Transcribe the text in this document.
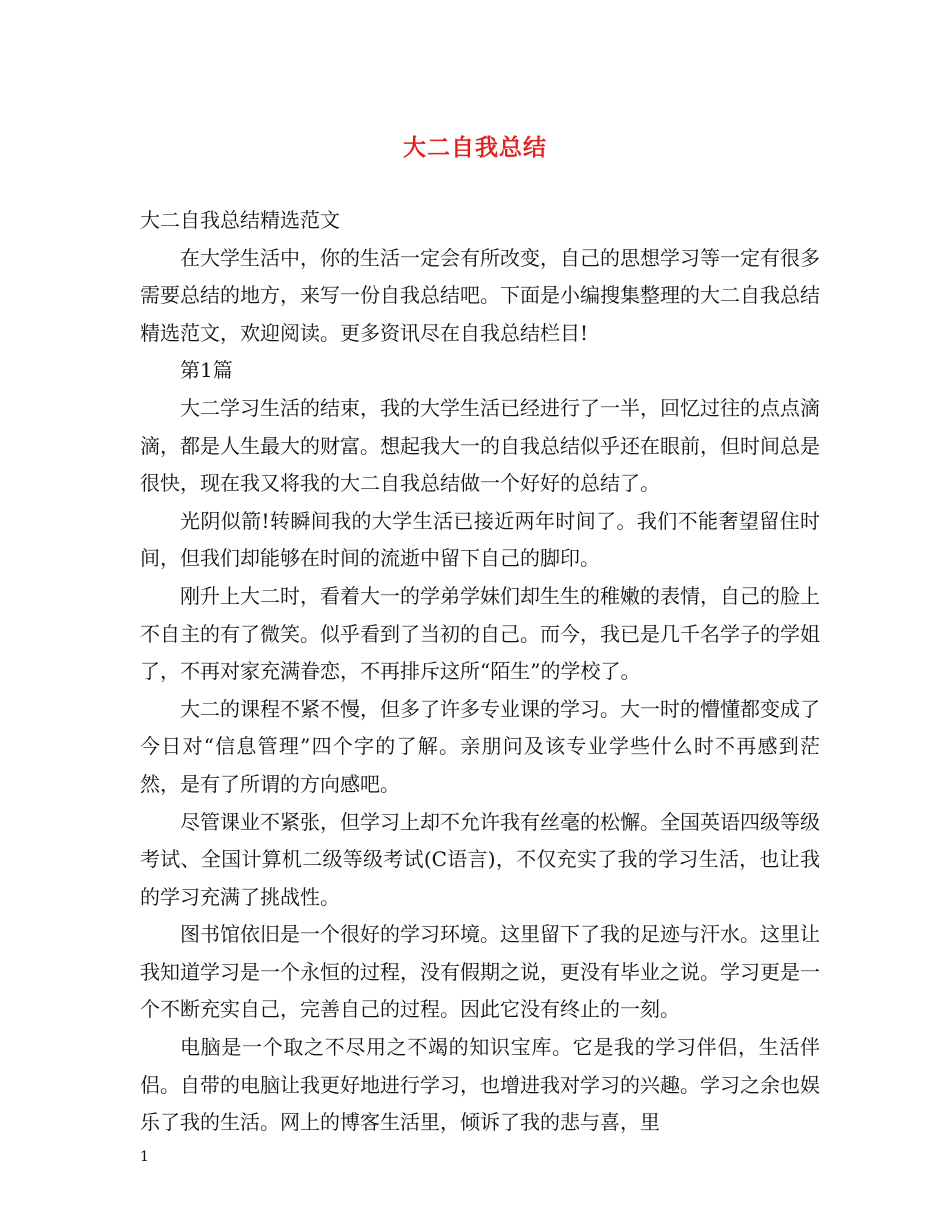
大二自我总结

大二自我总结精选范文

在大学生活中，你的生活一定会有所改变，自己的思想学习等一定有很多需要总结的地方，来写一份自我总结吧。下面是小编搜集整理的大二自我总结精选范文，欢迎阅读。更多资讯尽在自我总结栏目!

第1篇

大二学习生活的结束，我的大学生活已经进行了一半，回忆过往的点点滴滴，都是人生最大的财富。想起我大一的自我总结似乎还在眼前，但时间总是很快，现在我又将我的大二自我总结做一个好好的总结了。

光阴似箭!转瞬间我的大学生活已接近两年时间了。我们不能奢望留住时间，但我们却能够在时间的流逝中留下自己的脚印。

刚升上大二时，看着大一的学弟学妹们却生生的稚嫩的表情，自己的脸上不自主的有了微笑。似乎看到了当初的自己。而今，我已是几千名学子的学姐了，不再对家充满眷恋，不再排斥这所“陌生”的学校了。

大二的课程不紧不慢，但多了许多专业课的学习。大一时的懵懂都变成了今日对“信息管理”四个字的了解。亲朋问及该专业学些什么时不再感到茫然，是有了所谓的方向感吧。

尽管课业不紧张，但学习上却不允许我有丝毫的松懈。全国英语四级等级考试、全国计算机二级等级考试(C语言)，不仅充实了我的学习生活，也让我的学习充满了挑战性。

图书馆依旧是一个很好的学习环境。这里留下了我的足迹与汗水。这里让我知道学习是一个永恒的过程，没有假期之说，更没有毕业之说。学习更是一个不断充实自己，完善自己的过程。因此它没有终止的一刻。

电脑是一个取之不尽用之不竭的知识宝库。它是我的学习伴侣，生活伴侣。自带的电脑让我更好地进行学习，也增进我对学习的兴趣。学习之余也娱乐了我的生活。网上的博客生活里，倾诉了我的悲与喜，里

1
